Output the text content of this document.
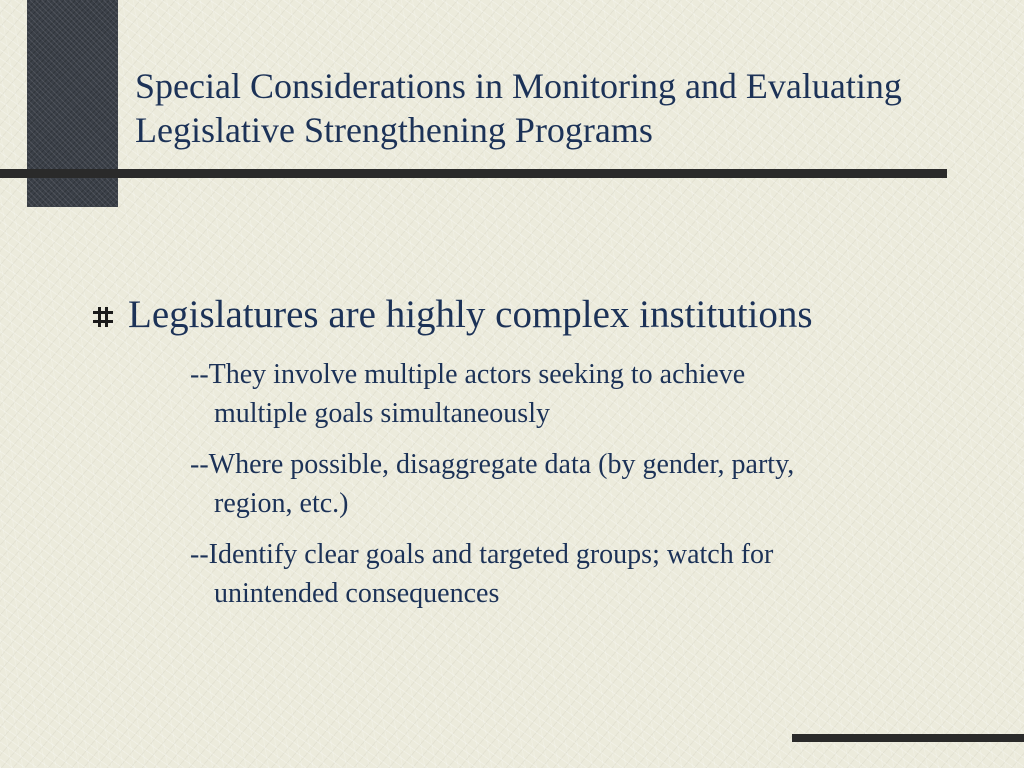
Special Considerations in Monitoring and Evaluating
Legislative Strengthening Programs
Legislatures are highly complex institutions
--They involve multiple actors seeking to achieve
multiple goals simultaneously
--Where possible, disaggregate data (by gender, party,
region, etc.)
--Identify clear goals and targeted groups; watch for
unintended consequences
